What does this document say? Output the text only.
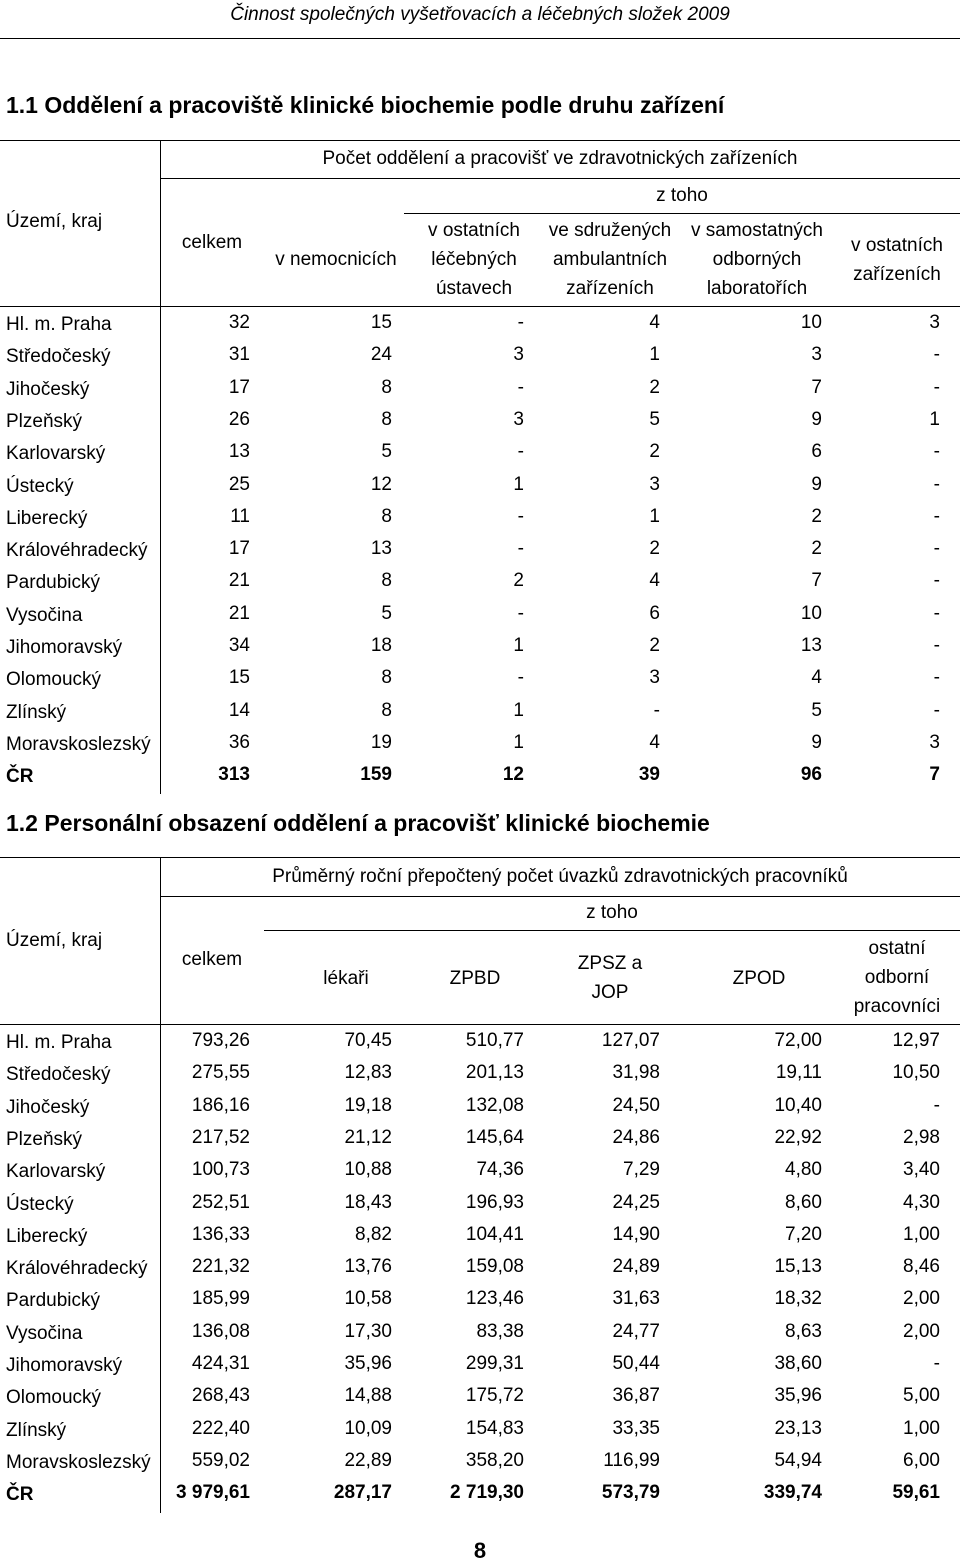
Činnost společných vyšetřovacích a léčebných složek 2009
1.1 Oddělení a pracoviště klinické biochemie podle druhu zařízení
Území, kraj
Počet oddělení a pracovišť ve zdravotnických zařízeních
celkem
z toho
v nemocnicích
v ostatních léčebných ústavech
ve sdružených ambulantních zařízeních
v samostatných odborných laboratořích
v ostatních zařízeních
Hl. m. Praha	32	15	-	4	10	3
Středočeský	31	24	3	1	3	-
Jihočeský	17	8	-	2	7	-
Plzeňský	26	8	3	5	9	1
Karlovarský	13	5	-	2	6	-
Ústecký	25	12	1	3	9	-
Liberecký	11	8	-	1	2	-
Královéhradecký	17	13	-	2	2	-
Pardubický	21	8	2	4	7	-
Vysočina	21	5	-	6	10	-
Jihomoravský	34	18	1	2	13	-
Olomoucký	15	8	-	3	4	-
Zlínský	14	8	1	-	5	-
Moravskoslezský	36	19	1	4	9	3
ČR	313	159	12	39	96	7
1.2 Personální obsazení oddělení a pracovišť klinické biochemie
Území, kraj
Průměrný roční přepočtený počet úvazků zdravotnických pracovníků
celkem
z toho
lékaři	ZPBD
ZPSZ a JOP
ZPOD
ostatní odborní pracovníci
Hl. m. Praha	793,26	70,45	510,77	127,07	72,00	12,97
Středočeský	275,55	12,83	201,13	31,98	19,11	10,50
Jihočeský	186,16	19,18	132,08	24,50	10,40	-
Plzeňský	217,52	21,12	145,64	24,86	22,92	2,98
Karlovarský	100,73	10,88	74,36	7,29	4,80	3,40
Ústecký	252,51	18,43	196,93	24,25	8,60	4,30
Liberecký	136,33	8,82	104,41	14,90	7,20	1,00
Královéhradecký 221,32	13,76	159,08	24,89	15,13	8,46
Pardubický	185,99	10,58	123,46	31,63	18,32	2,00
Vysočina	136,08	17,30	83,38	24,77	8,63	2,00
Jihomoravský	424,31	35,96	299,31	50,44	38,60	-
Olomoucký	268,43	14,88	175,72	36,87	35,96	5,00
Zlínský	222,40	10,09	154,83	33,35	23,13	1,00
Moravskoslezský 559,02	22,89	358,20	116,99	54,94	6,00
ČR	3 979,61	287,17	2 719,30	573,79	339,74	59,61
8
